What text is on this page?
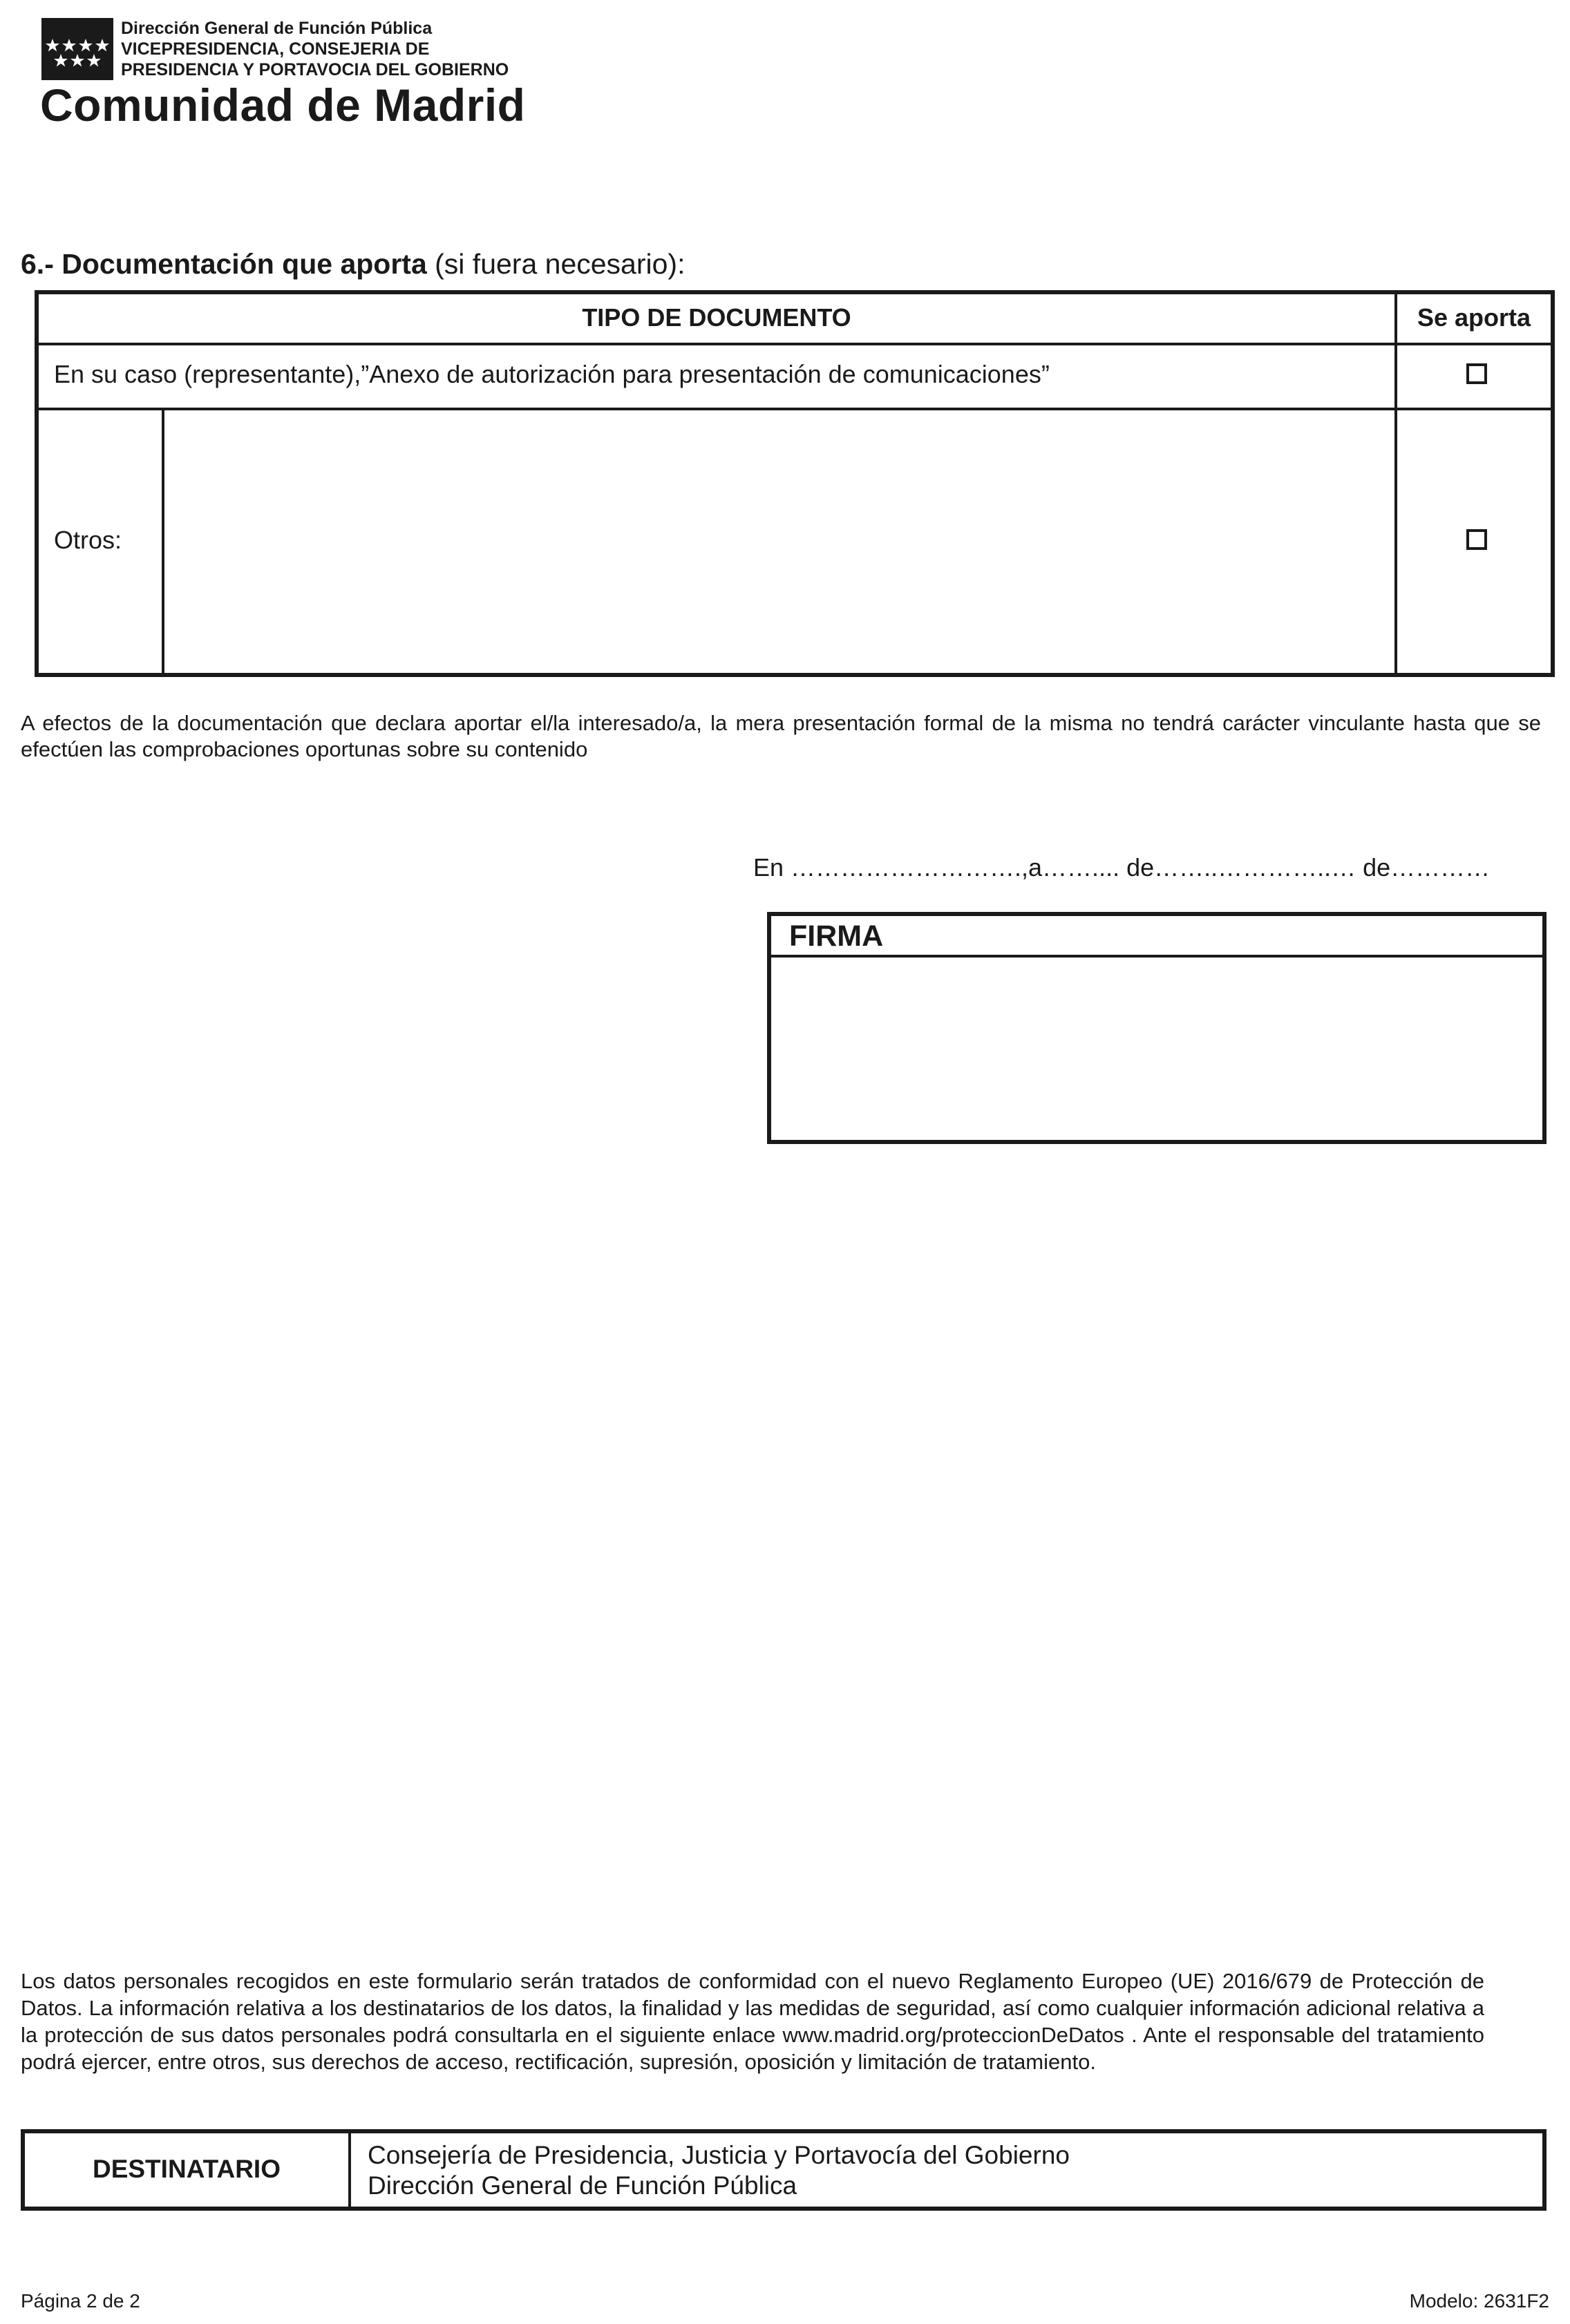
Dirección General de Función Pública
VICEPRESIDENCIA, CONSEJERIA DE
PRESIDENCIA Y PORTAVOCIA DEL GOBIERNO
Comunidad de Madrid
6.- Documentación que aporta (si fuera necesario):
TIPO DE DOCUMENTO	Se aporta
En su caso (representante),”Anexo de autorización para presentación de comunicaciones”
Otros:
A efectos de la documentación que declara aportar el/la interesado/a, la mera presentación formal de la misma no tendrá carácter vinculante hasta que se efectúen las comprobaciones oportunas sobre su contenido
En ……………………….,a…….... de……..…………..… de…………
FIRMA
Los datos personales recogidos en este formulario serán tratados de conformidad con el nuevo Reglamento Europeo (UE) 2016/679 de Protección de Datos. La información relativa a los destinatarios de los datos, la finalidad y las medidas de seguridad, así como cualquier información adicional relativa a la protección de sus datos personales podrá consultarla en el siguiente enlace www.madrid.org/proteccionDeDatos . Ante el responsable del tratamiento podrá ejercer, entre otros, sus derechos de acceso, rectificación, supresión, oposición y limitación de tratamiento.
DESTINATARIO	Consejería de Presidencia, Justicia y Portavocía del Gobierno
Dirección General de Función Pública
Página 2 de 2	Modelo: 2631F2
